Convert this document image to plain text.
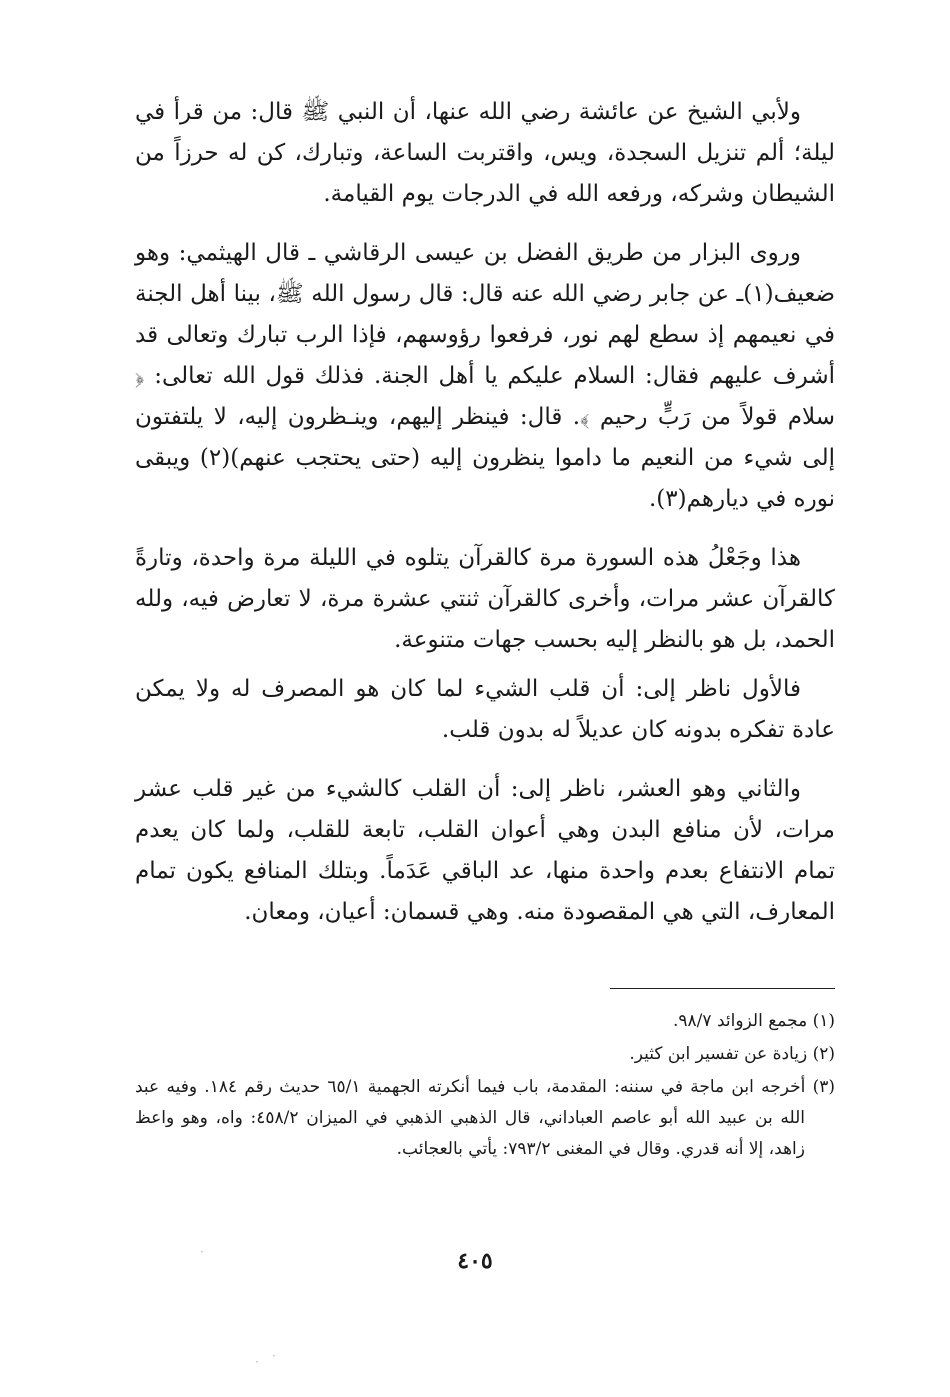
ولأبي الشيخ عن عائشة رضي الله عنها، أن النبي ﷺ قال: من قرأ في ليلة؛ ألم تنزيل السجدة، ويس، واقتربت الساعة، وتبارك، كن له حرزاً من الشيطان وشركه، ورفعه الله في الدرجات يوم القيامة.

وروى البزار من طريق الفضل بن عيسى الرقاشي ـ قال الهيثمي: وهو ضعيف(١)ـ عن جابر رضي الله عنه قال: قال رسول الله ﷺ، بينا أهل الجنة في نعيمهم إذ سطع لهم نور، فرفعوا رؤوسهم، فإذا الرب تبارك وتعالى قد أشرف عليهم فقال: السلام عليكم يا أهل الجنة. فذلك قول الله تعالى: ﴿ سلام قولاً من رَبٍّ رحيم ﴾. قال: فينظر إليهم، وينـظرون إليه، لا يلتفتون إلى شيء من النعيم ما داموا ينظرون إليه (حتى يحتجب عنهم)(٢) ويبقى نوره في ديارهم(٣).

هذا وجَعْلُ هذه السورة مرة كالقرآن يتلوه في الليلة مرة واحدة، وتارةً كالقرآن عشر مرات، وأخرى كالقرآن ثنتي عشرة مرة، لا تعارض فيه، ولله الحمد، بل هو بالنظر إليه بحسب جهات متنوعة.

فالأول ناظر إلى: أن قلب الشيء لما كان هو المصرف له ولا يمكن عادة تفكره بدونه كان عديلاً له بدون قلب.

والثاني وهو العشر، ناظر إلى: أن القلب كالشيء من غير قلب عشر مرات، لأن منافع البدن وهي أعوان القلب، تابعة للقلب، ولما كان يعدم تمام الانتفاع بعدم واحدة منها، عد الباقي عَدَماً. وبتلك المنافع يكون تمام المعارف، التي هي المقصودة منه. وهي قسمان: أعيان، ومعان.

(١) مجمع الزوائد ٩٨/٧.

(٢) زيادة عن تفسير ابن كثير.

(٣) أخرجه ابن ماجة في سننه: المقدمة، باب فيما أنكرته الجهمية ٦٥/١ حديث رقم ١٨٤. وفيه عبد الله بن عبيد الله أبو عاصم العباداني، قال الذهبي الذهبي في الميزان ٤٥٨/٢: واه، وهو واعظ زاهد، إلا أنه قدري. وقال في المغنى ٧٩٣/٢: يأتي بالعجائب.

٤٠٥
·
· ·
